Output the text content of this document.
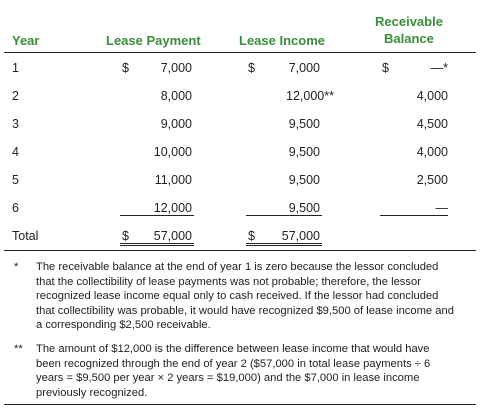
Year	Lease Payment	Lease Income
Receivable
Balance
1	$	7,000	$	7,000	$	—*
2	8,000	12,000**	4,000
3	9,000	9,500	4,500
4	10,000	9,500	4,000
5	11,000	9,500	2,500
6	12,000	9,500	—
Total	$	57,000	$	57,000
* The receivable balance at the end of year 1 is zero because the lessor concluded that the collectibility of lease payments was not probable; therefore, the lessor recognized lease income equal only to cash received. If the lessor had concluded that collectibility was probable, it would have recognized $9,500 of lease income and a corresponding $2,500 receivable.
** The amount of $12,000 is the difference between lease income that would have been recognized through the end of year 2 ($57,000 in total lease payments ÷ 6 years = $9,500 per year × 2 years = $19,000) and the $7,000 in lease income previously recognized.
